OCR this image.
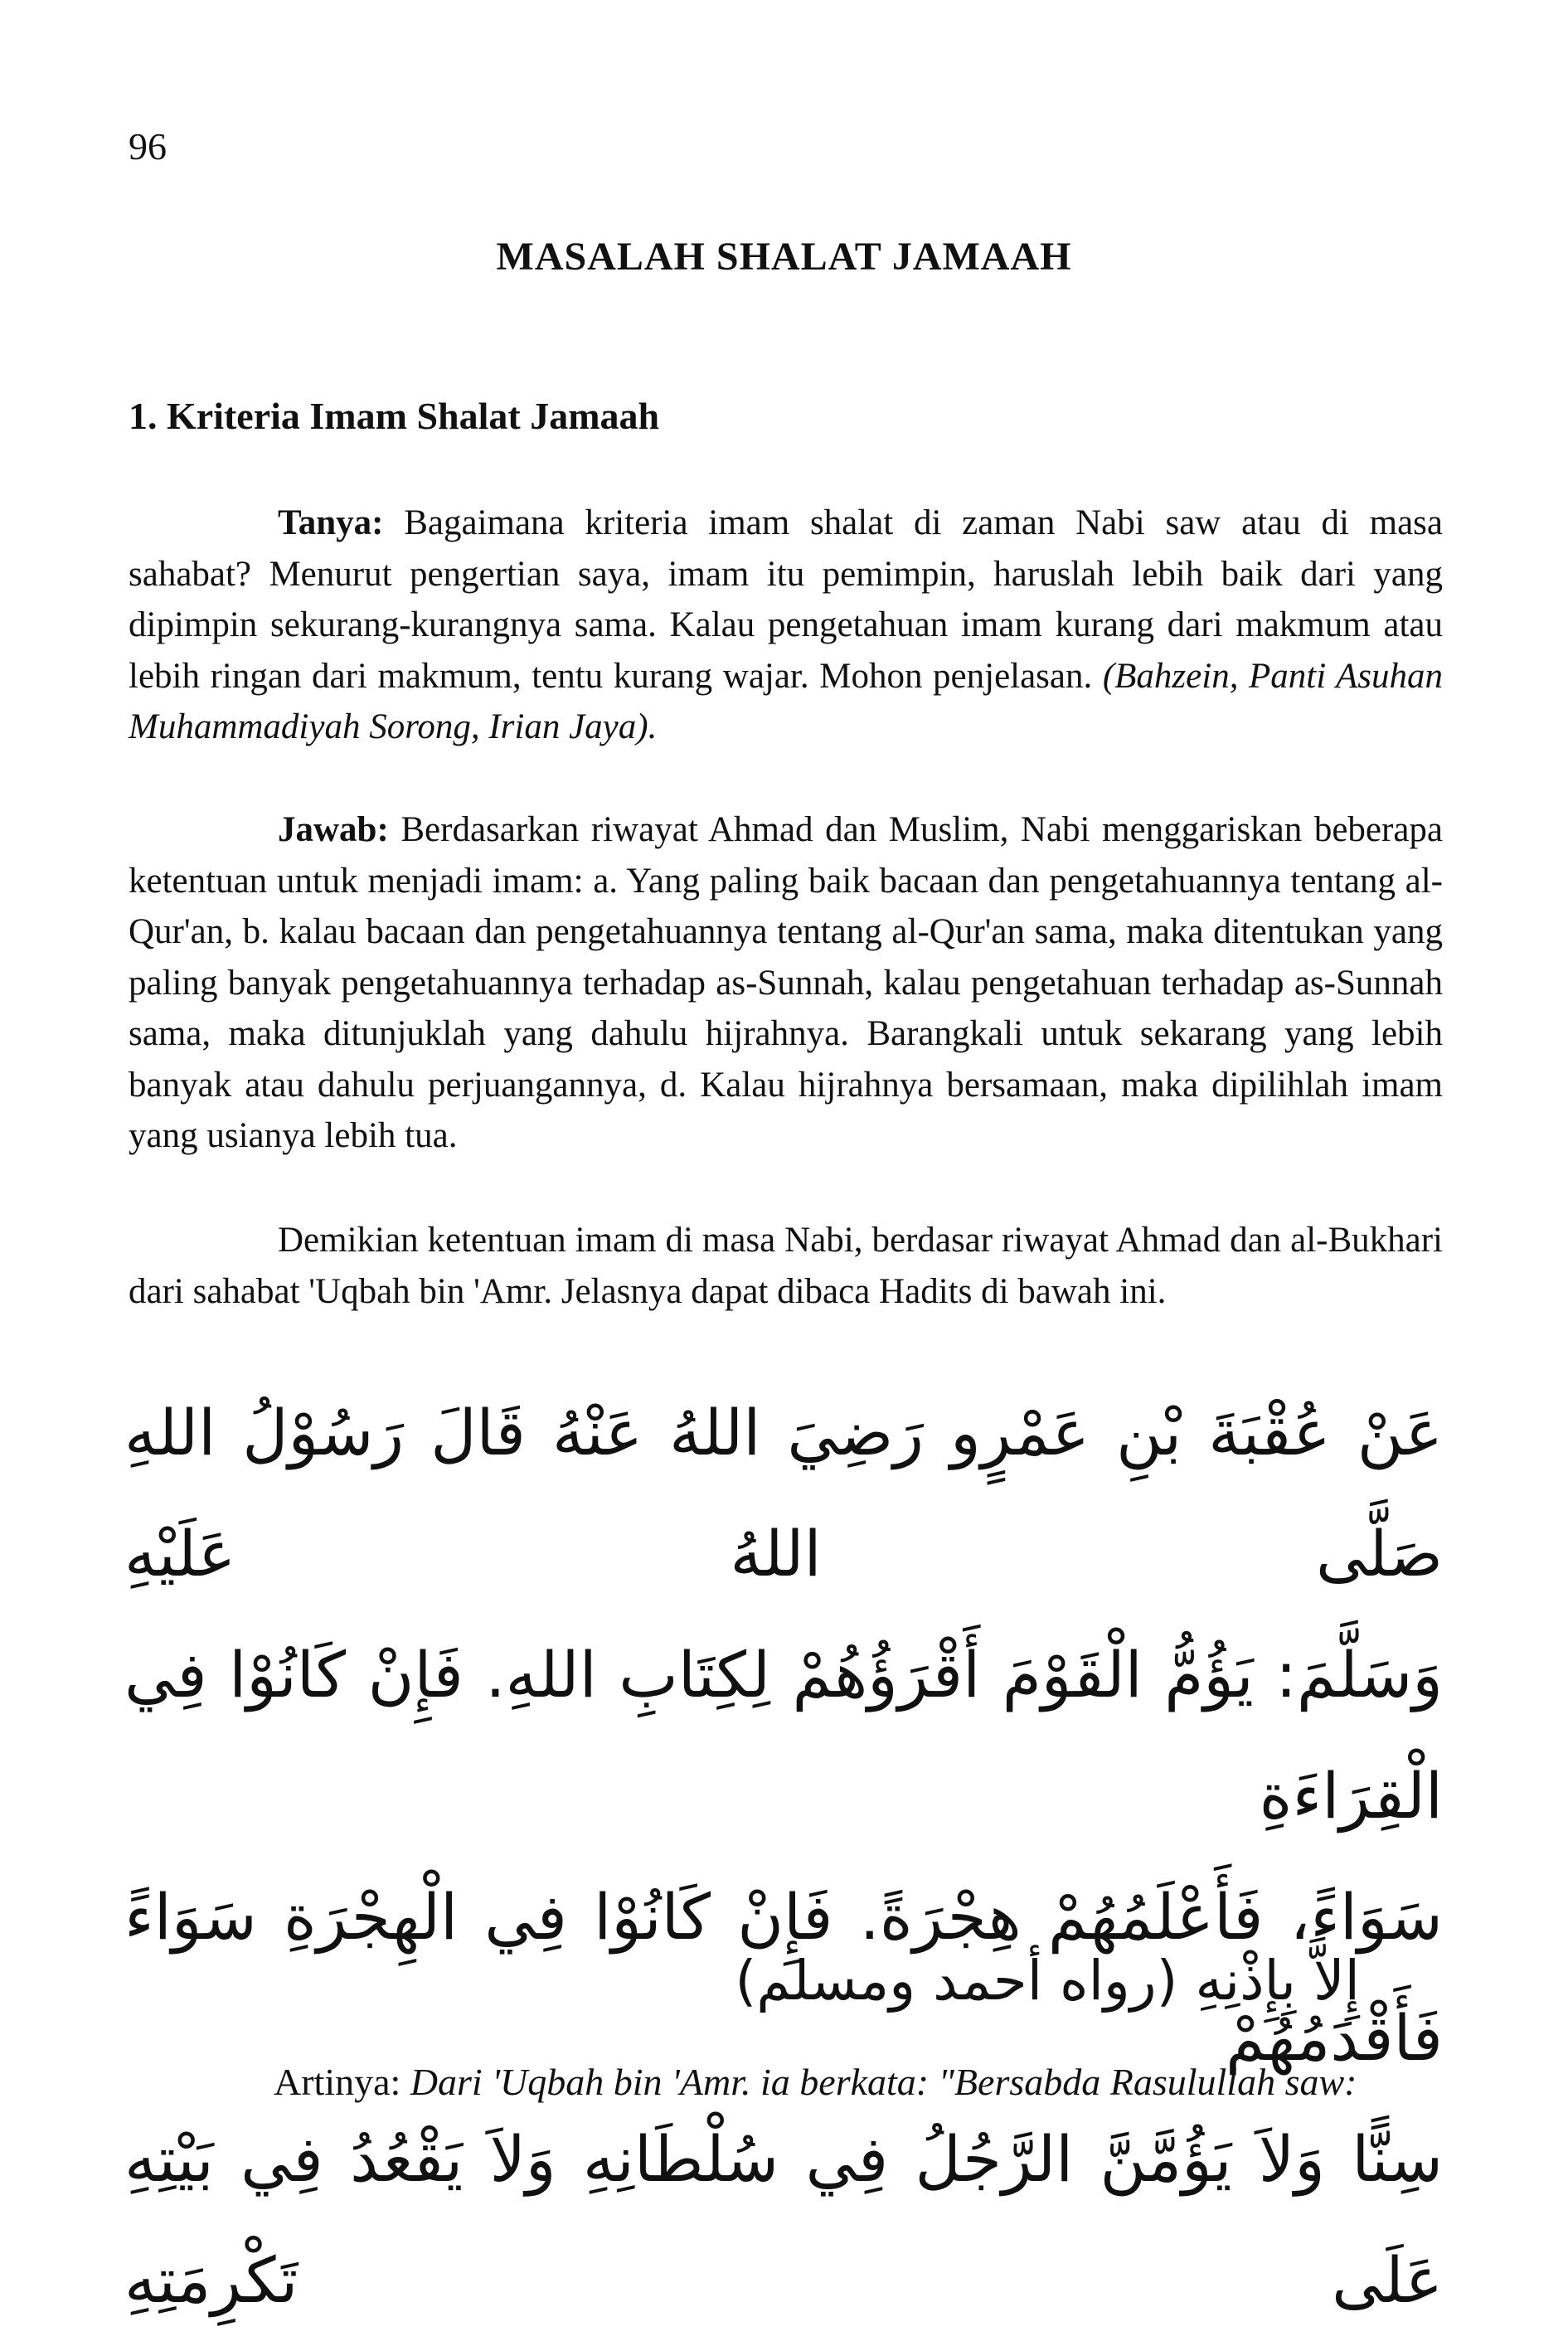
96
MASALAH SHALAT JAMAAH
1. Kriteria Imam Shalat Jamaah
Tanya: Bagaimana kriteria imam shalat di zaman Nabi saw atau di masa sahabat? Menurut pengertian saya, imam itu pemimpin, haruslah lebih baik dari yang dipimpin sekurang-kurangnya sama. Kalau pengetahuan imam kurang dari makmum atau lebih ringan dari makmum, tentu kurang wajar. Mohon penjelasan. (Bahzein, Panti Asuhan Muhammadiyah Sorong, Irian Jaya).
Jawab: Berdasarkan riwayat Ahmad dan Muslim, Nabi menggariskan beberapa ketentuan untuk menjadi imam: a. Yang paling baik bacaan dan pengetahuannya tentang al-Qur'an, b. kalau bacaan dan pengetahuannya tentang al-Qur'an sama, maka ditentukan yang paling banyak pengetahuannya terhadap as-Sunnah, kalau pengetahuan terhadap as-Sunnah sama, maka ditunjuklah yang dahulu hijrahnya. Barangkali untuk sekarang yang lebih banyak atau dahulu perjuangannya, d. Kalau hijrahnya bersamaan, maka dipilihlah imam yang usianya lebih tua.
Demikian ketentuan imam di masa Nabi, berdasar riwayat Ahmad dan al-Bukhari dari sahabat 'Uqbah bin 'Amr. Jelasnya dapat dibaca Hadits di bawah ini.

عَنْ عُقْبَةَ بْنِ عَمْرٍو رَضِيَ اللهُ عَنْهُ قَالَ رَسُوْلُ اللهِ صَلَّى اللهُ عَلَيْهِ

وَسَلَّمَ: يَؤُمُّ الْقَوْمَ أَقْرَؤُهُمْ لِكِتَابِ اللهِ. فَإِنْ كَانُوْا فِي الْقِرَاءَةِ

سَوَاءً، فَأَعْلَمُهُمْ هِجْرَةً. فَإِنْ كَانُوْا فِي الْهِجْرَةِ سَوَاءً فَأَقْدَمُهُمْ

سِنًّا وَلاَ يَؤُمَّنَّ الرَّجُلُ فِي سُلْطَانِهِ وَلاَ يَقْعُدُ فِي بَيْتِهِ عَلَى تَكْرِمَتِهِ

إِلاَّ بِإِذْنِهِ (رواه أحمد ومسلم)
Artinya: Dari 'Uqbah bin 'Amr. ia berkata: "Bersabda Rasulullah saw:
